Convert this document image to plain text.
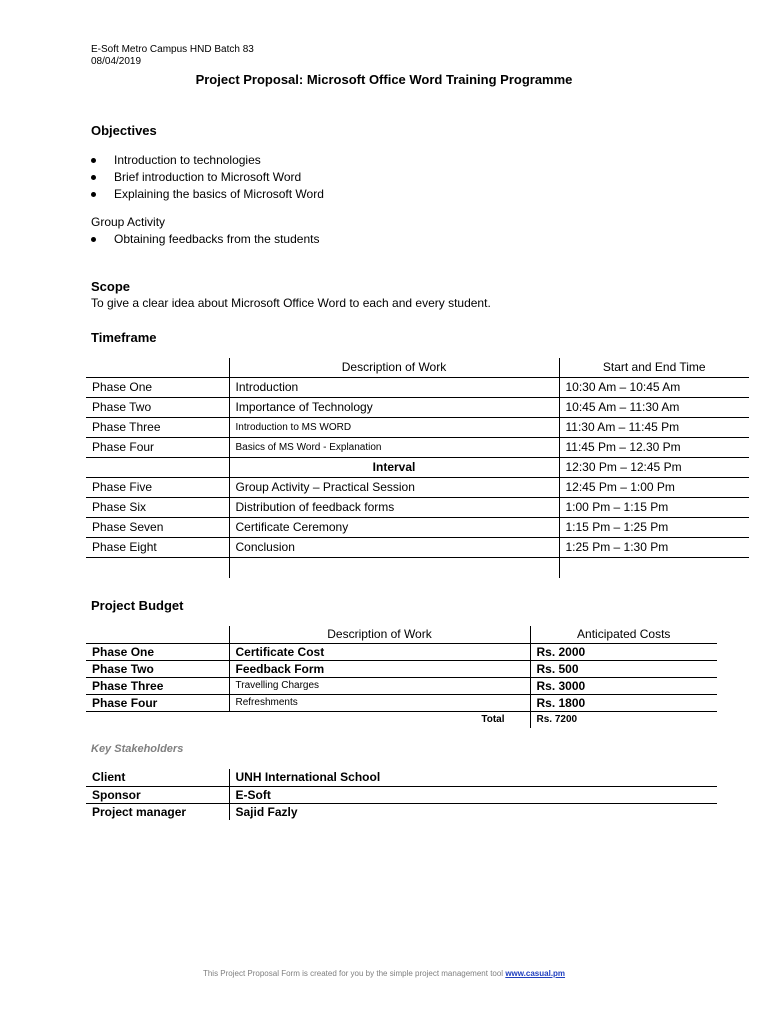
E-Soft Metro Campus HND Batch 83
08/04/2019
Project Proposal: Microsoft Office Word Training Programme
Objectives
Introduction to technologies
Brief introduction to Microsoft Word
Explaining the basics of Microsoft Word
Group Activity
Obtaining feedbacks from the students
Scope
To give a clear idea about Microsoft Office Word to each and every student.
Timeframe
	Description of Work	Start and End Time
Phase One	Introduction	10:30 Am – 10:45 Am
Phase Two	Importance of Technology	10:45 Am – 11:30 Am
Phase Three	Introduction to MS WORD	11:30 Am – 11:45 Pm
Phase Four	Basics of MS Word - Explanation	11:45 Pm – 12.30 Pm
	Interval	12:30 Pm – 12:45 Pm
Phase Five	Group Activity – Practical Session	12:45 Pm – 1:00 Pm
Phase Six	Distribution of feedback forms	1:00 Pm – 1:15 Pm
Phase Seven	Certificate Ceremony	1:15 Pm – 1:25 Pm
Phase Eight	Conclusion	1:25 Pm – 1:30 Pm

Project Budget
	Description of Work	Anticipated Costs
Phase One	Certificate Cost	Rs. 2000
Phase Two	Feedback Form	Rs. 500
Phase Three	Travelling Charges	Rs. 3000
Phase Four	Refreshments	Rs. 1800
	Total	Rs. 7200
Key Stakeholders
Client	UNH International School
Sponsor	E-Soft
Project manager	Sajid Fazly
This Project Proposal Form is created for you by the simple project management tool www.casual.pm
